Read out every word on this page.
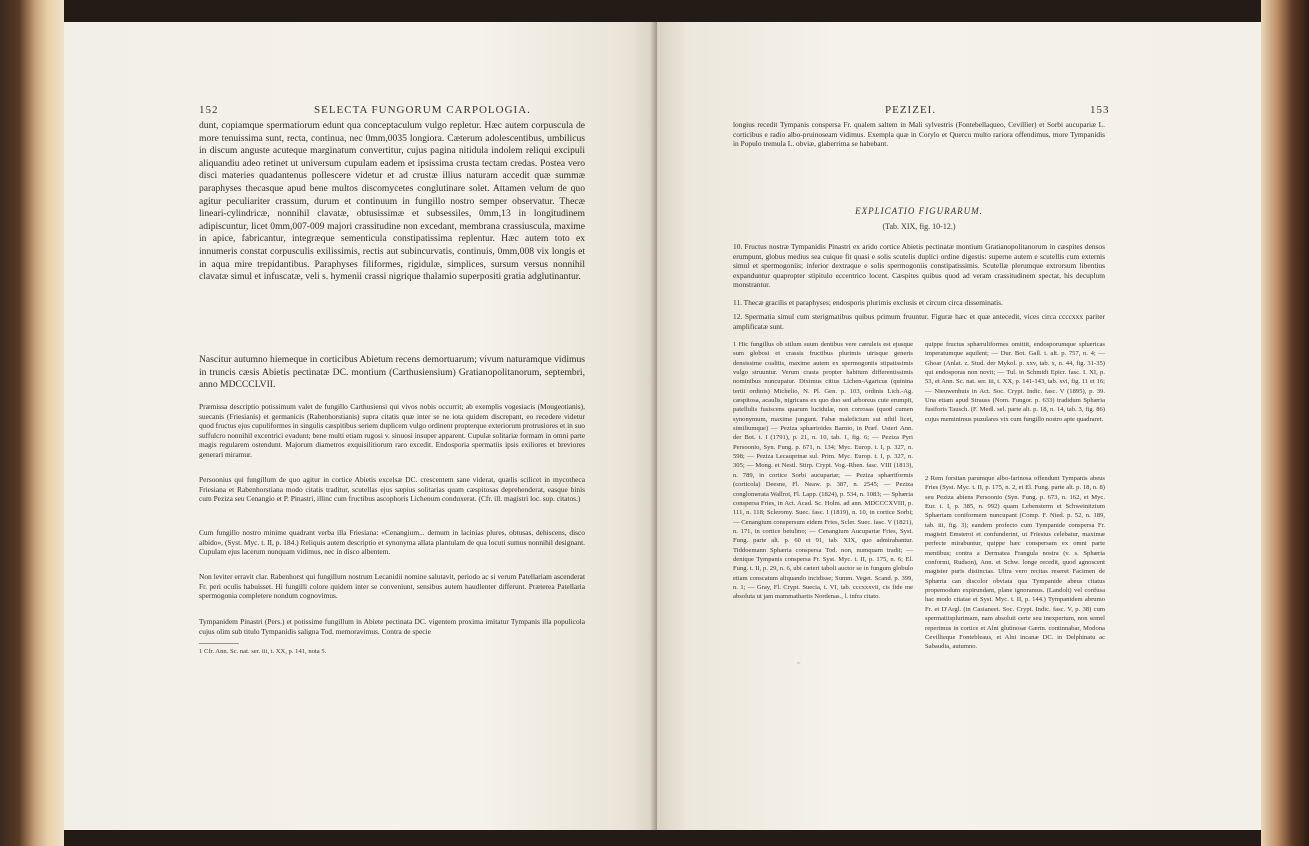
152	SELECTA FUNGORUM CARPOLOGIA.

dunt, copiamque spermatiorum edunt qua conceptaculum vulgo repletur. Hæc autem corpuscula de more tenuissima sunt, recta, continua, nec 0mm,0035 longiora. Cæterum adolescentibus, umbilicus in discum anguste acuteque marginatum convertitur, cujus pagina nitidula indolem reliqui excipuli aliquandiu adeo retinet ut universum cupulam eadem et ipsissima crusta tectam credas. Postea vero disci materies quadantenus pollescere videtur et ad crustæ illius naturam accedit quæ summæ paraphyses thecasque apud bene multos discomycetes conglutinare solet. Attamen velum de quo agitur peculiariter crassum, durum et continuum in fungillo nostro semper observatur. Thecæ lineari-cylindricæ, nonnihil clavatæ, obtusissimæ et subsessiles, 0mm,13 in longitudinem adipiscuntur, licet 0mm,007-009 majori crassitudine non excedant, membrana crassiuscula, maxime in apice, fabricantur, integræque sementicula constipatissima replentur. Hæc autem toto ex innumeris constat corpusculis exilissimis, rectis aut subincurvatis, continuis, 0mm,008 vix longis et in aqua mire trepidantibus. Paraphyses filiformes, rigidulæ, simplices, sursum versus nonnihil clavatæ simul et infuscatæ, veli s. hymenii crassi nigrique thalamio superpositi gratia adglutinantur.

Nascitur autumno hiemeque in corticibus Abietum recens demortuarum; vivum naturamque vidimus in truncis cæsis Abietis pectinatæ DC. montium (Carthusiensium) Gratianopolitanorum, septembri, anno MDCCCLVII.

Præmissa descriptio potissimum valet de fungillo Carthusiensi qui vivos nobis occurrit; ab exemplis vogesiacis (Mougeotianis), suecanis (Friesianis) et germanicis (Rabenhorstianis) supra citatis quæ inter se ne iota quidem discrepant, eo recedere videtur quod fructus ejus cupuliformes in singulis cæspitibus seriem duplicem vulgo ordinent propterque exteriorum protrusiores et in suo suffulcro nonnihil excentrici evadunt; bene multi etiam rugosi v. sinuosi insuper apparent. Cupulæ solitariæ formam in omni parte magis regularem ostendunt. Majorum diametros exquisilitiorum raro excedit. Endosporia spermatiis ipsis exiliores et breviores generari miramur.

Persoonius qui fungillum de quo agitur in cortice Abietis excelsæ DC. crescentem sane viderat, quælis scilicet in mycotheca Friesiana et Rabenhorstiana modo citatis traditur, scutellas ejus sæpius solitarias quam cæspitosas deprehenderat, easque binis cum Peziza seu Cenangio et P. Pinastri, illinc cum fructibus ascophoris Lichenum conduxerat. (Cfr. ill. magistri loc. sup. citatos.)

Cum fungillo nostro minime quadrant verba illa Friesiana: «Cenangium... demum in lacinias plures, obtusas, dehiscens, disco albido», (Syst. Myc. t. II, p. 184.) Reliquis autem descriptio et synonyma allata plantulam de qua locuti sumus nonnihil designant. Cupulam ejus lacerum nunquam vidimus, nec in disco albentem.

Non leviter erravit clar. Rabenhorst qui fungillum nostrum Lecanidii nomine salutavit, periodo ac si verum Patellariam ascenderat Fr. peri oculis habuisset. Hi fungilli colore quidem inter se conveniunt, sensibus autem haudlenter differunt. Præterea Patellaria spermogonia completere nondum cognovimus.

Tympanidem Pinastri (Pers.) et potissime fungillum in Abiete pectinata DC. vigentem proxima imitatur Tympanis illa populicola cujus olim sub titulo Tympanidis saligna Tod. memoravimus. Contra de specie

1 Cfr. Ann. Sc. nat. ser. iii, t. XX, p. 141, nota 5.

PEZIZEI.	153

longius recedit Tympanis conspersa Fr. qualem saltem in Mali sylvestris (Fontebellaqueo, Cevillier) et Sorbi aucupariæ L. corticibus e radio albo-pruinoseam vidimus. Exempla quæ in Corylo et Quercu multo rariora offendimus, more Tympanidis in Populo tremula L. obviæ, glaberrima se habebant.

EXPLICATIO FIGURARUM.
(Tab. XIX, fig. 10-12.)

10. Fructus nostræ Tympanidis Pinastri ex arido cortice Abietis pectinatæ montium Gratianopolitanorum in cæspites densos erumpunt, globus medius sea cuique fit quasi e solis scutelis duplici ordine digestis: superne autem e scutellis cum externis simul et spermogoniis; inferior dextraque e solis spermogoniis constipatissimis. Scutellæ plerumque extrorsum libentius expanduntur quapropter stipitulo eccentrico locent. Cæspites quibus quod ad veram crassitudinem spectat, his decuplum monstrantur.

11. Thecæ gracilis et paraphyses; endosporis plurimis exclusis et circum circa disseminatis.

12. Spermatia simul cum sterigmatibus quibus primum fruuntur. Figuræ hæc et quæ antecedit, vices circa ccccxxx pariter amplificatæ sunt.

1 Hic fungillus ob stilum suum dentibus vere cæruleis est ejusque sum globosi et crassis fructibus plurimis utrisque generis densissime coalitis, maxime autem ex spermogoniis stipatissimis vulgo struuntur. Verum crasta propter habitum differentissimis nominibus nuncupatur. Diximus citius Lichen-Agaricus (quinina tertii ordinis) Michelio, N. Pl. Gen. p. 103, ordinis Lich.-Ag. cæspitosa, acaulis, nigricans ex quo duo sed arboreus cute erumpit, patellulis fusiscens quarum lucidulæ, non corrosas (quod cumen synonymum, maxime jungunt. Fabæ maleficium sui nihil licet, similiumque) — Peziza sphærioides Barnio, in Præf. Usteri Ann. der Bot. t. I (1791), p. 21, n. 10, tab. 1, fig. 6; — Peziza Pyri Persoonio, Syn. Fung. p. 671, n. 134; Myc. Europ. t. I, p. 327, n. 598; — Peziza Lecauprinæ sul. Prim. Myc. Europ. t. I, p. 327, n. 305; — Mong. et Nestl. Stirp. Crypt. Vog.-Rhen. fasc. VIII (1813), n. 789, in cortice Sorbi aucupariæ; — Peziza sphæriformis (corticola) Deesne, Fl. Neaw. p. 387, n. 2545; — Peziza conglomerata Wallrot, Fl. Lapp. (1824), p. 534, n. 1083; — Sphæria conspersa Fries, in Act. Acad. Sc. Holm. ad ann. MDCCCXVIII, p. 111, n. 118; Scleromy. Suec. fasc. I (1819), n. 10, in cortice Sorbi; — Cenangium conspersum eidem Fries, Scler. Suec. fasc. V (1821), n. 171, in cortice betulino; — Cenangium Aucupariæ Fries, Syst. Fung. parte alt. p. 60 et 91, tab. XIX, quo admirabantur. Tiddoemann Sphæria conspersa Tod. non, numquam tradit; — denique Tympanis conspersa Fr. Syst. Myc. t. II, p. 175, n. 6; El. Fung. t. II, p. 29, n. 6, ubi cæteri taboli auctor se in fungum globulo etiam conscatum aliquando incidisse; Summ. Veget. Scand. p. 399, n. 1; — Gray, Fl. Crypt. Suecia, t. VI, tab. cccxxxvii, cis fide me absoluta ut jam mammathartis Nordenas., l. infra citato.

quippe fructus sphæruliformes omittit, endosporumque sphæricas imperatumque aquilent; — Dur. Bot. Gall. t. alt. p. 757, n. 4; — Ghoar (Anlat. z. Stud. der Mykol. p. xxv, tab. x, n. 44, fig. 31-35) qui endosporas non novit; — Tul. in Schmidt Epicr. fasc. I. XI, p. 53, et Ann. Sc. nat. ser. iii, t. XX, p. 141-143, tab. xvi, fig. 11 et 16; — Nieuwenhuis in Act. Soc. Crypt. Indic. fasc. V (1895), p. 39. Una etiam apud Strauss (Nom. Fungor. p. 633) tradidum Sphæria fusiforis Tausch. (F. Medl. sel. parte alt. p. 18, n. 14, tab. 3, fig. 86) cujus meminimus puzulares vix cum fungillo nostro apte quadraret.

2 Rem forsitan parumque albo-farinosa offendunt Tympanis abeus Fries (Syst. Myc. t. II, p. 175, n. 2, et El. Fung. parte alt. p. 18, n. 8) seu Peziza abiens Persoonio (Syn. Fung. p. 673, n. 162, et Myc. Eur. t. I, p. 385, n. 992) quam Lebensterm et Schweinitzium Sphæriam coniformem nuncupant (Comp. F. Nied. p. 52, n. 189, tab. iii, fig. 3); eandem profecto cum Tympanide conspersa Fr. magistri Emsteroi et confunderint, ut Friesius celebatur, maximæ perfecte mirabuntur, quippe hæc conspersam ex omni parte mentibus; contra a Dermatea Frangula nostra (v. s. Sphæria conformi, Rudson), Ann. et Schw. longe recedit, quod agnoscent magister puris distinctas. Ultra vero recitas reseret Facimen de Sphæria can discolor obviata qua Tympanide abeus citatus propemodum expirundant, plane ignoramus. (Landolt) vel confusa hac modo citatae et Syst. Myc. t. II, p. 144.) Tympanidem abrumo Fr. et D'Argl. (in Casianeet. Soc. Crypt. Indic. fasc. V, p. 38) cum spermatiisplurimam, nam absoluti certe seu inexpertum, non semel reperimus in cortice et Alni glutinosæ Gærtn. continnabar, Modona Cevillieque Fontebleaus, et Alni incanæ DC. in Delphinatu ac Sabaudia, autumno.

ᵐ
